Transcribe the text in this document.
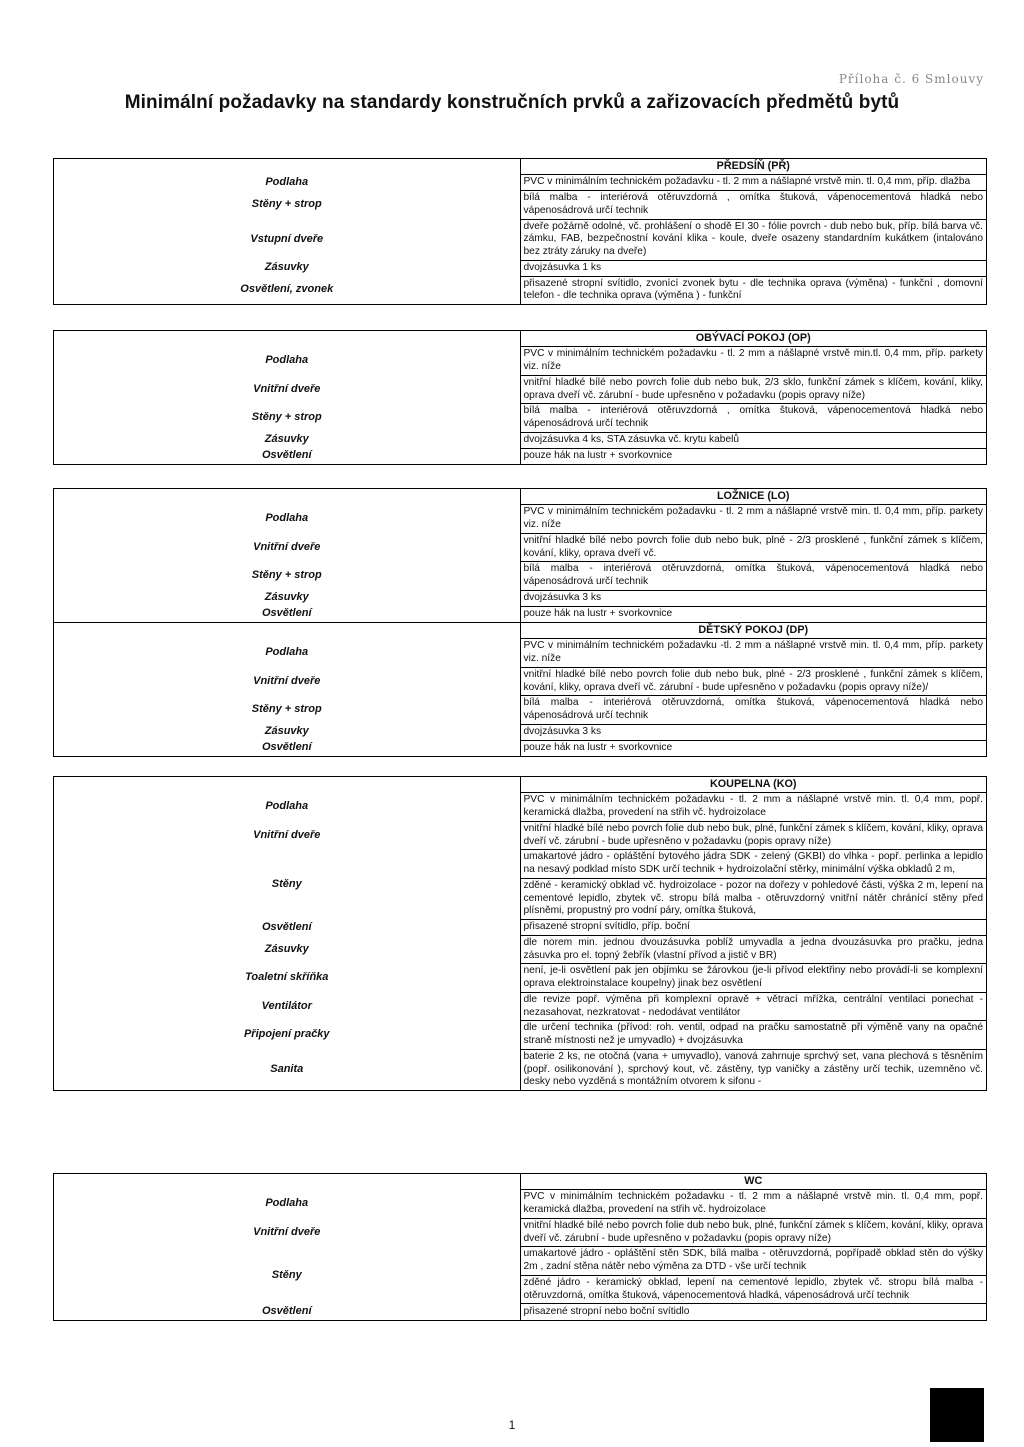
Příloha č. 6 Smlouvy
Minimální požadavky na standardy konstručních prvků a zařizovacích předmětů bytů
	PŘEDSÍŇ (PŘ)
Podlaha	PVC v minimálním technickém požadavku - tl. 2 mm a nášlapné vrstvě min. tl. 0,4 mm, příp. dlažba
Stěny + strop	bílá malba - interiérová otěruvzdorná , omítka štuková, vápenocementová hladká nebo vápenosádrová určí technik
Vstupní dveře	dveře požárně odolné, vč. prohlášení o shodě EI 30 - fólie povrch - dub nebo buk, příp. bílá barva vč. zámku, FAB, bezpečnostní kování klika - koule, dveře osazeny standardním kukátkem (intalováno bez ztráty záruky na dveře)
Zásuvky	dvojzásuvka 1 ks
Osvětlení, zvonek	přisazené stropní svítidlo, zvonící zvonek bytu - dle technika oprava (výměna) - funkční , domovní telefon - dle technika oprava (výměna ) - funkční
	OBÝVACÍ POKOJ (OP)
Podlaha	PVC v minimálním technickém požadavku - tl. 2 mm a nášlapné vrstvě min.tl. 0,4 mm, příp. parkety viz. níže
Vnitřní dveře	vnitřní hladké bílé nebo povrch folie dub nebo buk, 2/3 sklo, funkční zámek s klíčem, kování, kliky, oprava dveří vč. zárubní - bude upřesněno v požadavku (popis opravy níže)
Stěny + strop	bílá malba - interiérová otěruvzdorná , omítka štuková, vápenocementová hladká nebo vápenosádrová určí technik
Zásuvky	dvojzásuvka 4 ks, STA zásuvka vč. krytu kabelů
Osvětlení	pouze hák na lustr + svorkovnice
	LOŽNICE (LO)
Podlaha	PVC v minimálním technickém požadavku - tl. 2 mm a nášlapné vrstvě min. tl. 0,4 mm, příp. parkety viz. níže
Vnitřní dveře	vnitřní hladké bílé nebo povrch folie dub nebo buk, plné - 2/3 prosklené , funkční zámek s klíčem, kování, kliky, oprava dveří vč.
Stěny + strop	bílá malba - interiérová otěruvzdorná, omítka štuková, vápenocementová hladká nebo vápenosádrová určí technik
Zásuvky	dvojzásuvka 3 ks
Osvětlení	pouze hák na lustr + svorkovnice
	DĚTSKÝ POKOJ (DP)
Podlaha	PVC v minimálním technickém požadavku -tl. 2 mm a nášlapné vrstvě min. tl. 0,4 mm, příp. parkety viz. níže
Vnitřní dveře	vnitřní hladké bílé nebo povrch folie dub nebo buk, plné - 2/3 prosklené , funkční zámek s klíčem, kování, kliky, oprava dveří vč. zárubní - bude upřesněno v požadavku (popis opravy níže)/
Stěny + strop	bílá malba - interiérová otěruvzdorná, omítka štuková, vápenocementová hladká nebo vápenosádrová určí technik
Zásuvky	dvojzásuvka 3 ks
Osvětlení	pouze hák na lustr + svorkovnice
	KOUPELNA (KO)
Podlaha	PVC v minimálním technickém požadavku - tl. 2 mm a nášlapné vrstvě min. tl. 0,4 mm, popř. keramická dlažba, provedení na střih vč. hydroizolace
Vnitřní dveře	vnitřní hladké bílé nebo povrch folie dub nebo buk, plné, funkční zámek s klíčem, kování, kliky, oprava dveří vč. zárubní - bude upřesněno v požadavku (popis opravy níže)
Stěny	umakartové jádro - opláštění bytového jádra SDK - zelený (GKBI) do vlhka - popř. perlinka a lepidlo na nesavý podklad místo SDK určí technik + hydroizolační stěrky, minimální výška obkladů 2 m,
	zděné - keramický obklad vč. hydroizolace - pozor na dořezy v pohledové části, výška 2 m, lepení na cementové lepidlo, zbytek vč. stropu bílá malba - otěruvzdorný vnitřní nátěr chránící stěny před plísněmi, propustný pro vodní páry, omítka štuková,
Osvětlení	přisazené stropní svítidlo, příp. boční
Zásuvky	dle norem min. jednou dvouzásuvka poblíž umyvadla a jedna dvouzásuvka pro pračku, jedna zásuvka pro el. topný žebřík (vlastní přívod a jistič v BR)
Toaletní skříňka	není, je-li osvětlení pak jen objímku se žárovkou (je-li přívod elektřiny nebo provádí-li se komplexní oprava elektroinstalace koupelny) jinak bez osvětlení
Ventilátor	dle revize popř. výměna při komplexní opravě + větrací mřížka, centrální ventilaci ponechat - nezasahovat, nezkratovat - nedodávat ventilátor
Připojení pračky	dle určení technika (přívod: roh. ventil, odpad na pračku samostatně při výměně vany na opačné straně místnosti než je umyvadlo) + dvojzásuvka
Sanita	baterie 2 ks, ne otočná (vana + umyvadlo), vanová zahrnuje sprchvý set, vana plechová s těsněním (popř. osilikonování ), sprchový kout, vč. zástěny, typ vaničky a zástěny určí techik, uzemněno vč. desky nebo vyzděná s montážním otvorem k sifonu -
	WC
Podlaha	PVC v minimálním technickém požadavku - tl. 2 mm a nášlapné vrstvě min. tl. 0,4 mm, popř. keramická dlažba, provedení na střih vč. hydroizolace
Vnitřní dveře	vnitřní hladké bílé nebo povrch folie dub nebo buk, plné, funkční zámek s klíčem, kování, kliky, oprava dveří vč. zárubní - bude upřesněno v požadavku (popis opravy níže)
Stěny	umakartové jádro - opláštění stěn SDK, bílá malba - otěruvzdorná, popřípadě obklad stěn do výšky 2m , zadní stěna nátěr nebo výměna za DTD - vše určí technik
	zděné jádro - keramický obklad, lepení na cementové lepidlo, zbytek vč. stropu bílá malba - otěruvzdorná, omítka štuková, vápenocementová hladká, vápenosádrová určí technik
Osvětlení	přisazené stropní nebo boční svítidlo
1
